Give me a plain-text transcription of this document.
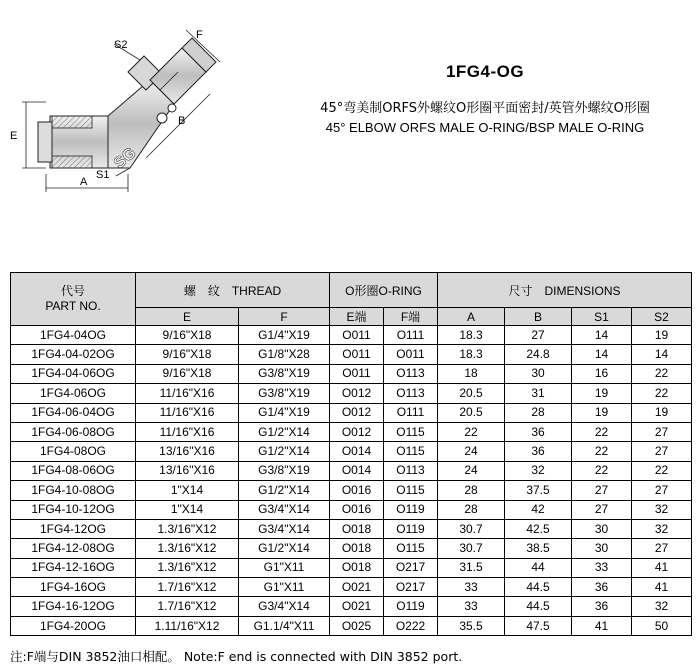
SG
E
A
S1
S2
F
B
1FG4-OG
45°弯美制ORFS外螺纹O形圈平面密封/英管外螺纹O形圈
45° ELBOW ORFS MALE O-RING/BSP MALE O-RING
代号
PART NO.	螺　纹　THREAD		O形圈O-RING		尺寸　DIMENSIONS			
	E	F	E端	F端	A	B	S1	S2
1FG4-04OG	9/16"X18	G1/4"X19	O011	O111	18.3	27	14	19
1FG4-04-02OG	9/16"X18	G1/8"X28	O011	O011	18.3	24.8	14	14
1FG4-04-06OG	9/16"X18	G3/8"X19	O011	O113	18	30	16	22
1FG4-06OG	11/16"X16	G3/8"X19	O012	O113	20.5	31	19	22
1FG4-06-04OG	11/16"X16	G1/4"X19	O012	O111	20.5	28	19	19
1FG4-06-08OG	11/16"X16	G1/2"X14	O012	O115	22	36	22	27
1FG4-08OG	13/16"X16	G1/2"X14	O014	O115	24	36	22	27
1FG4-08-06OG	13/16"X16	G3/8"X19	O014	O113	24	32	22	22
1FG4-10-08OG	1"X14	G1/2"X14	O016	O115	28	37.5	27	27
1FG4-10-12OG	1"X14	G3/4"X14	O016	O119	28	42	27	32
1FG4-12OG	1.3/16"X12	G3/4"X14	O018	O119	30.7	42.5	30	32
1FG4-12-08OG	1.3/16"X12	G1/2"X14	O018	O115	30.7	38.5	30	27
1FG4-12-16OG	1.3/16"X12	G1"X11	O018	O217	31.5	44	33	41
1FG4-16OG	1.7/16"X12	G1"X11	O021	O217	33	44.5	36	41
1FG4-16-12OG	1.7/16"X12	G3/4"X14	O021	O119	33	44.5	36	32
1FG4-20OG	1.11/16"X12	G1.1/4"X11	O025	O222	35.5	47.5	41	50
注:F端与DIN 3852油口相配。 Note:F end is connected with DIN 3852 port.
